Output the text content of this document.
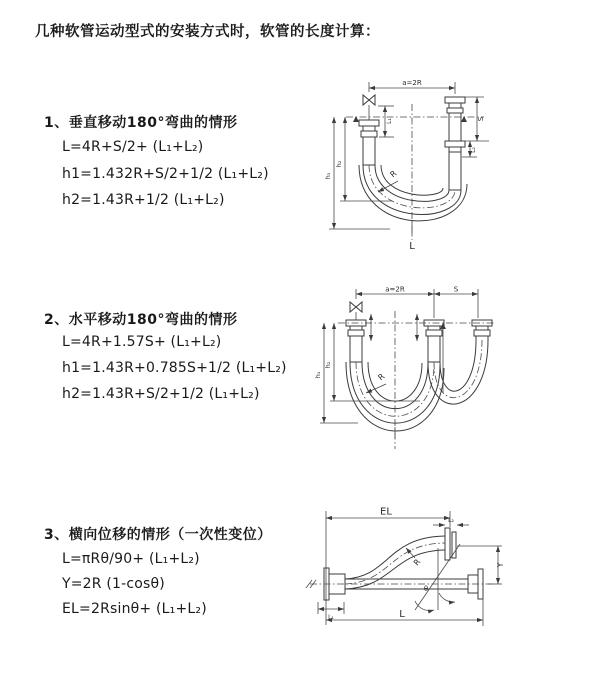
几种软管运动型式的安装方式时，软管的长度计算：
1、垂直移动180°弯曲的情形
L=4R+S/2+ (L₁+L₂)
h1=1.432R+S/2+1/2 (L₁+L₂)
h2=1.43R+1/2 (L₁+L₂)
2、水平移动180°弯曲的情形
L=4R+1.57S+ (L₁+L₂)
h1=1.43R+0.785S+1/2 (L₁+L₂)
h2=1.43R+S/2+1/2 (L₁+L₂)
3、横向位移的情形（一次性变位）
L=πRθ/90+ (L₁+L₂)
Y=2R (1-cosθ)
EL=2Rsinθ+ (L₁+L₂)
a=2R
R
h₁
h₂
L₁	S
L₂
L
a=2R	S
R
h₁
h₂
EL
L₂
Y
R
θ
L₁	L
